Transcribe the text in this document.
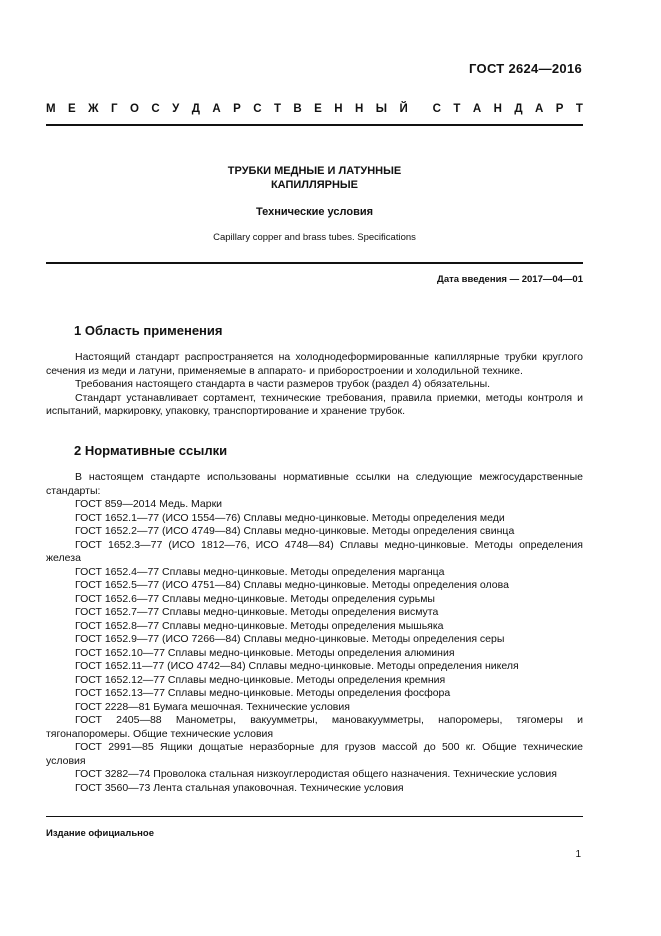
ГОСТ 2624—2016
М Е Ж Г О С У Д А Р С Т В Е Н Н Ы Й С Т А Н Д А Р Т
ТРУБКИ МЕДНЫЕ И ЛАТУННЫЕ
КАПИЛЛЯРНЫЕ
Технические условия
Capillary copper and brass tubes. Specifications
Дата введения — 2017—04—01
1 Область применения

Настоящий стандарт распространяется на холоднодеформированные капиллярные трубки круглого сечения из меди и латуни, применяемые в аппарато- и приборостроении и холодильной технике.

Требования настоящего стандарта в части размеров трубок (раздел 4) обязательны.

Стандарт устанавливает сортамент, технические требования, правила приемки, методы контроля и испытаний, маркировку, упаковку, транспортирование и хранение трубок.

2 Нормативные ссылки

В настоящем стандарте использованы нормативные ссылки на следующие межгосударственные стандарты:

ГОСТ 859—2014 Медь. Марки

ГОСТ 1652.1—77 (ИСО 1554—76) Сплавы медно-цинковые. Методы определения меди

ГОСТ 1652.2—77 (ИСО 4749—84) Сплавы медно-цинковые. Методы определения свинца

ГОСТ 1652.3—77 (ИСО 1812—76, ИСО 4748—84) Сплавы медно-цинковые. Методы определения железа

ГОСТ 1652.4—77 Сплавы медно-цинковые. Методы определения марганца

ГОСТ 1652.5—77 (ИСО 4751—84) Сплавы медно-цинковые. Методы определения олова

ГОСТ 1652.6—77 Сплавы медно-цинковые. Методы определения сурьмы

ГОСТ 1652.7—77 Сплавы медно-цинковые. Методы определения висмута

ГОСТ 1652.8—77 Сплавы медно-цинковые. Методы определения мышьяка

ГОСТ 1652.9—77 (ИСО 7266—84) Сплавы медно-цинковые. Методы определения серы

ГОСТ 1652.10—77 Сплавы медно-цинковые. Методы определения алюминия

ГОСТ 1652.11—77 (ИСО 4742—84) Сплавы медно-цинковые. Методы определения никеля

ГОСТ 1652.12—77 Сплавы медно-цинковые. Методы определения кремния

ГОСТ 1652.13—77 Сплавы медно-цинковые. Методы определения фосфора

ГОСТ 2228—81 Бумага мешочная. Технические условия

ГОСТ 2405—88 Манометры, вакуумметры, мановакуумметры, напоромеры, тягомеры и тягонапоромеры. Общие технические условия

ГОСТ 2991—85 Ящики дощатые неразборные для грузов массой до 500 кг. Общие технические условия

ГОСТ 3282—74 Проволока стальная низкоуглеродистая общего назначения. Технические условия

ГОСТ 3560—73 Лента стальная упаковочная. Технические условия

Издание официальное
1
